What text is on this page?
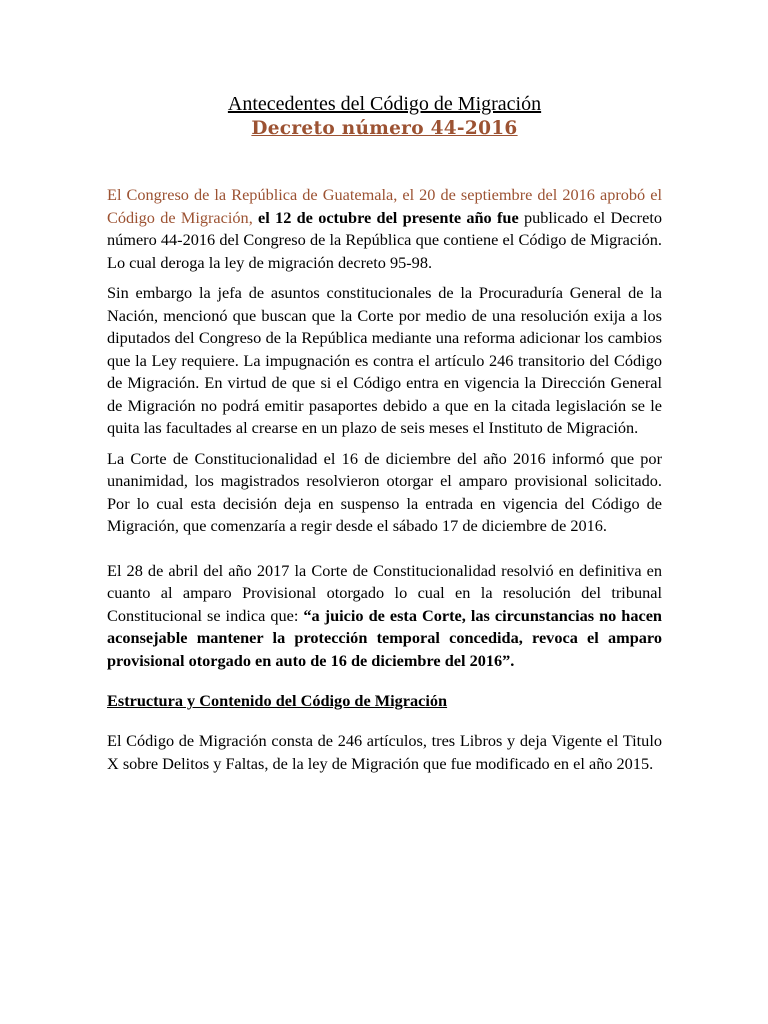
Antecedentes del Código de Migración
Decreto número 44-2016

El Congreso de la República de Guatemala, el 20 de septiembre del 2016 aprobó el Código de Migración, el 12 de octubre del presente año fue publicado el Decreto número 44-2016 del Congreso de la República que contiene el Código de Migración. Lo cual deroga la ley de migración decreto 95-98.

Sin embargo la jefa de asuntos constitucionales de la Procuraduría General de la Nación, mencionó que buscan que la Corte por medio de una resolución exija a los diputados del Congreso de la República mediante una reforma adicionar los cambios que la Ley requiere. La impugnación es contra el artículo 246 transitorio del Código de Migración. En virtud de que si el Código entra en vigencia la Dirección General de Migración no podrá emitir pasaportes debido a que en la citada legislación se le quita las facultades al crearse en un plazo de seis meses el Instituto de Migración.

La Corte de Constitucionalidad el 16 de diciembre del año 2016 informó que por unanimidad, los magistrados resolvieron otorgar el amparo provisional solicitado. Por lo cual esta decisión deja en suspenso la entrada en vigencia del Código de Migración, que comenzaría a regir desde el sábado 17 de diciembre de 2016.

El 28 de abril del año 2017 la Corte de Constitucionalidad resolvió en definitiva en cuanto al amparo Provisional otorgado lo cual en la resolución del tribunal Constitucional se indica que: “a juicio de esta Corte, las circunstancias no hacen aconsejable mantener la protección temporal concedida, revoca el amparo provisional otorgado en auto de 16 de diciembre del 2016”.

Estructura y Contenido del Código de Migración

El Código de Migración consta de 246 artículos, tres Libros y deja Vigente el Titulo X sobre Delitos y Faltas, de la ley de Migración que fue modificado en el año 2015.
